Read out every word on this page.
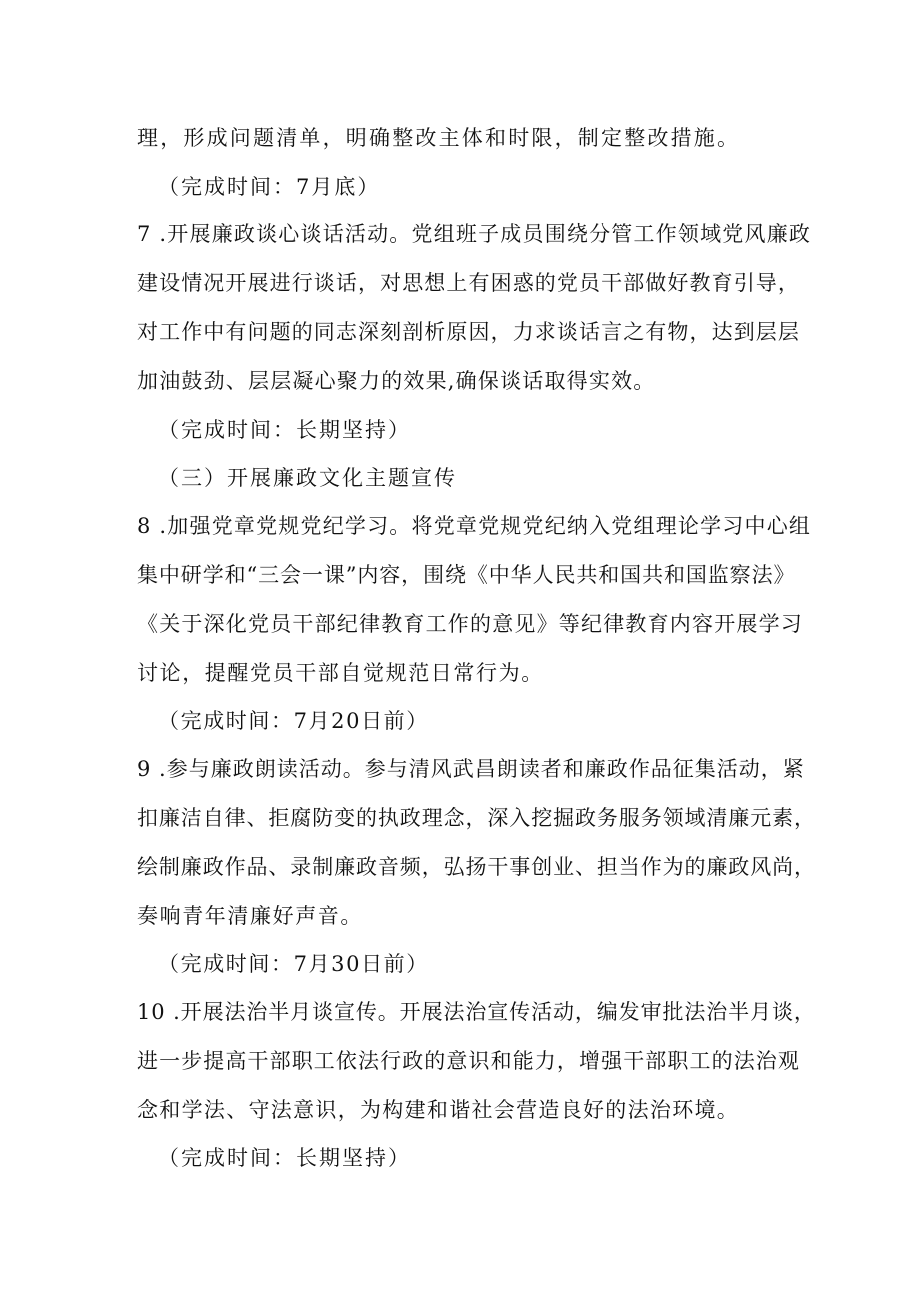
理，形成问题清单，明确整改主体和时限，制定整改措施。
（完成时间：7月底）
7 .开展廉政谈心谈话活动。党组班子成员围绕分管工作领域党风廉政
建设情况开展进行谈话，对思想上有困惑的党员干部做好教育引导，
对工作中有问题的同志深刻剖析原因，力求谈话言之有物，达到层层
加油鼓劲、层层凝心聚力的效果,确保谈话取得实效。
（完成时间：长期坚持）
（三）开展廉政文化主题宣传
8 .加强党章党规党纪学习。将党章党规党纪纳入党组理论学习中心组
集中研学和“三会一课”内容，围绕《中华人民共和国共和国监察法》
《关于深化党员干部纪律教育工作的意见》等纪律教育内容开展学习
讨论，提醒党员干部自觉规范日常行为。
（完成时间：7月20日前）
9 .参与廉政朗读活动。参与清风武昌朗读者和廉政作品征集活动，紧
扣廉洁自律、拒腐防变的执政理念，深入挖掘政务服务领域清廉元素，
绘制廉政作品、录制廉政音频，弘扬干事创业、担当作为的廉政风尚，
奏响青年清廉好声音。
（完成时间：7月30日前）
10 .开展法治半月谈宣传。开展法治宣传活动，编发审批法治半月谈，
进一步提高干部职工依法行政的意识和能力，增强干部职工的法治观
念和学法、守法意识，为构建和谐社会营造良好的法治环境。
（完成时间：长期坚持）
